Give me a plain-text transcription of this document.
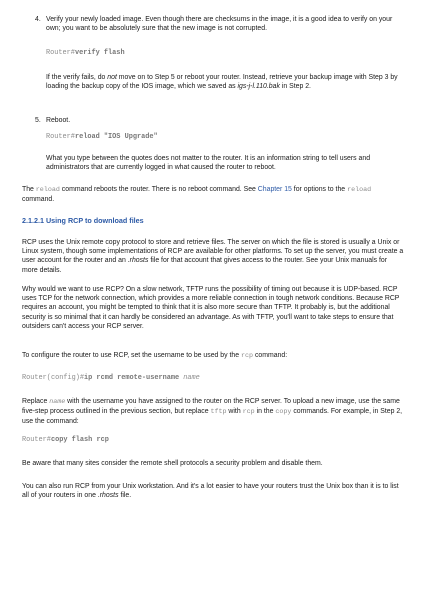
4. Verify your newly loaded image. Even though there are checksums in the image, it is a good idea to verify on your own; you want to be absolutely sure that the new image is not corrupted.

Router#verify flash

If the verify fails, do not move on to Step 5 or reboot your router. Instead, retrieve your backup image with Step 3 by loading the backup copy of the IOS image, which we saved as igs-j-l.110.bak in Step 2.

5. Reboot.

Router#reload "IOS Upgrade"

What you type between the quotes does not matter to the router. It is an information string to tell users and administrators that are currently logged in what caused the router to reboot.

The reload command reboots the router. There is no reboot command. See Chapter 15 for options to the reload command.

2.1.2.1 Using RCP to download files

RCP uses the Unix remote copy protocol to store and retrieve files. The server on which the file is stored is usually a Unix or Linux system, though some implementations of RCP are available for other platforms. To set up the server, you must create a user account for the router and an .rhosts file for that account that gives access to the router. See your Unix manuals for more details.

Why would we want to use RCP? On a slow network, TFTP runs the possibility of timing out because it is UDP-based. RCP uses TCP for the network connection, which provides a more reliable connection in tough network conditions. Because RCP requires an account, you might be tempted to think that it is also more secure than TFTP. It probably is, but the additional security is so minimal that it can hardly be considered an advantage. As with TFTP, you'll want to take steps to ensure that outsiders can't access your RCP server.

To configure the router to use RCP, set the username to be used by the rcp command:

Router(config)#ip rcmd remote-username name

Replace name with the username you have assigned to the router on the RCP server. To upload a new image, use the same five-step process outlined in the previous section, but replace tftp with rcp in the copy commands. For example, in Step 2, use the command:

Router#copy flash rcp

Be aware that many sites consider the remote shell protocols a security problem and disable them.

You can also run RCP from your Unix workstation. And it's a lot easier to have your routers trust the Unix box than it is to list all of your routers in one .rhosts file.
